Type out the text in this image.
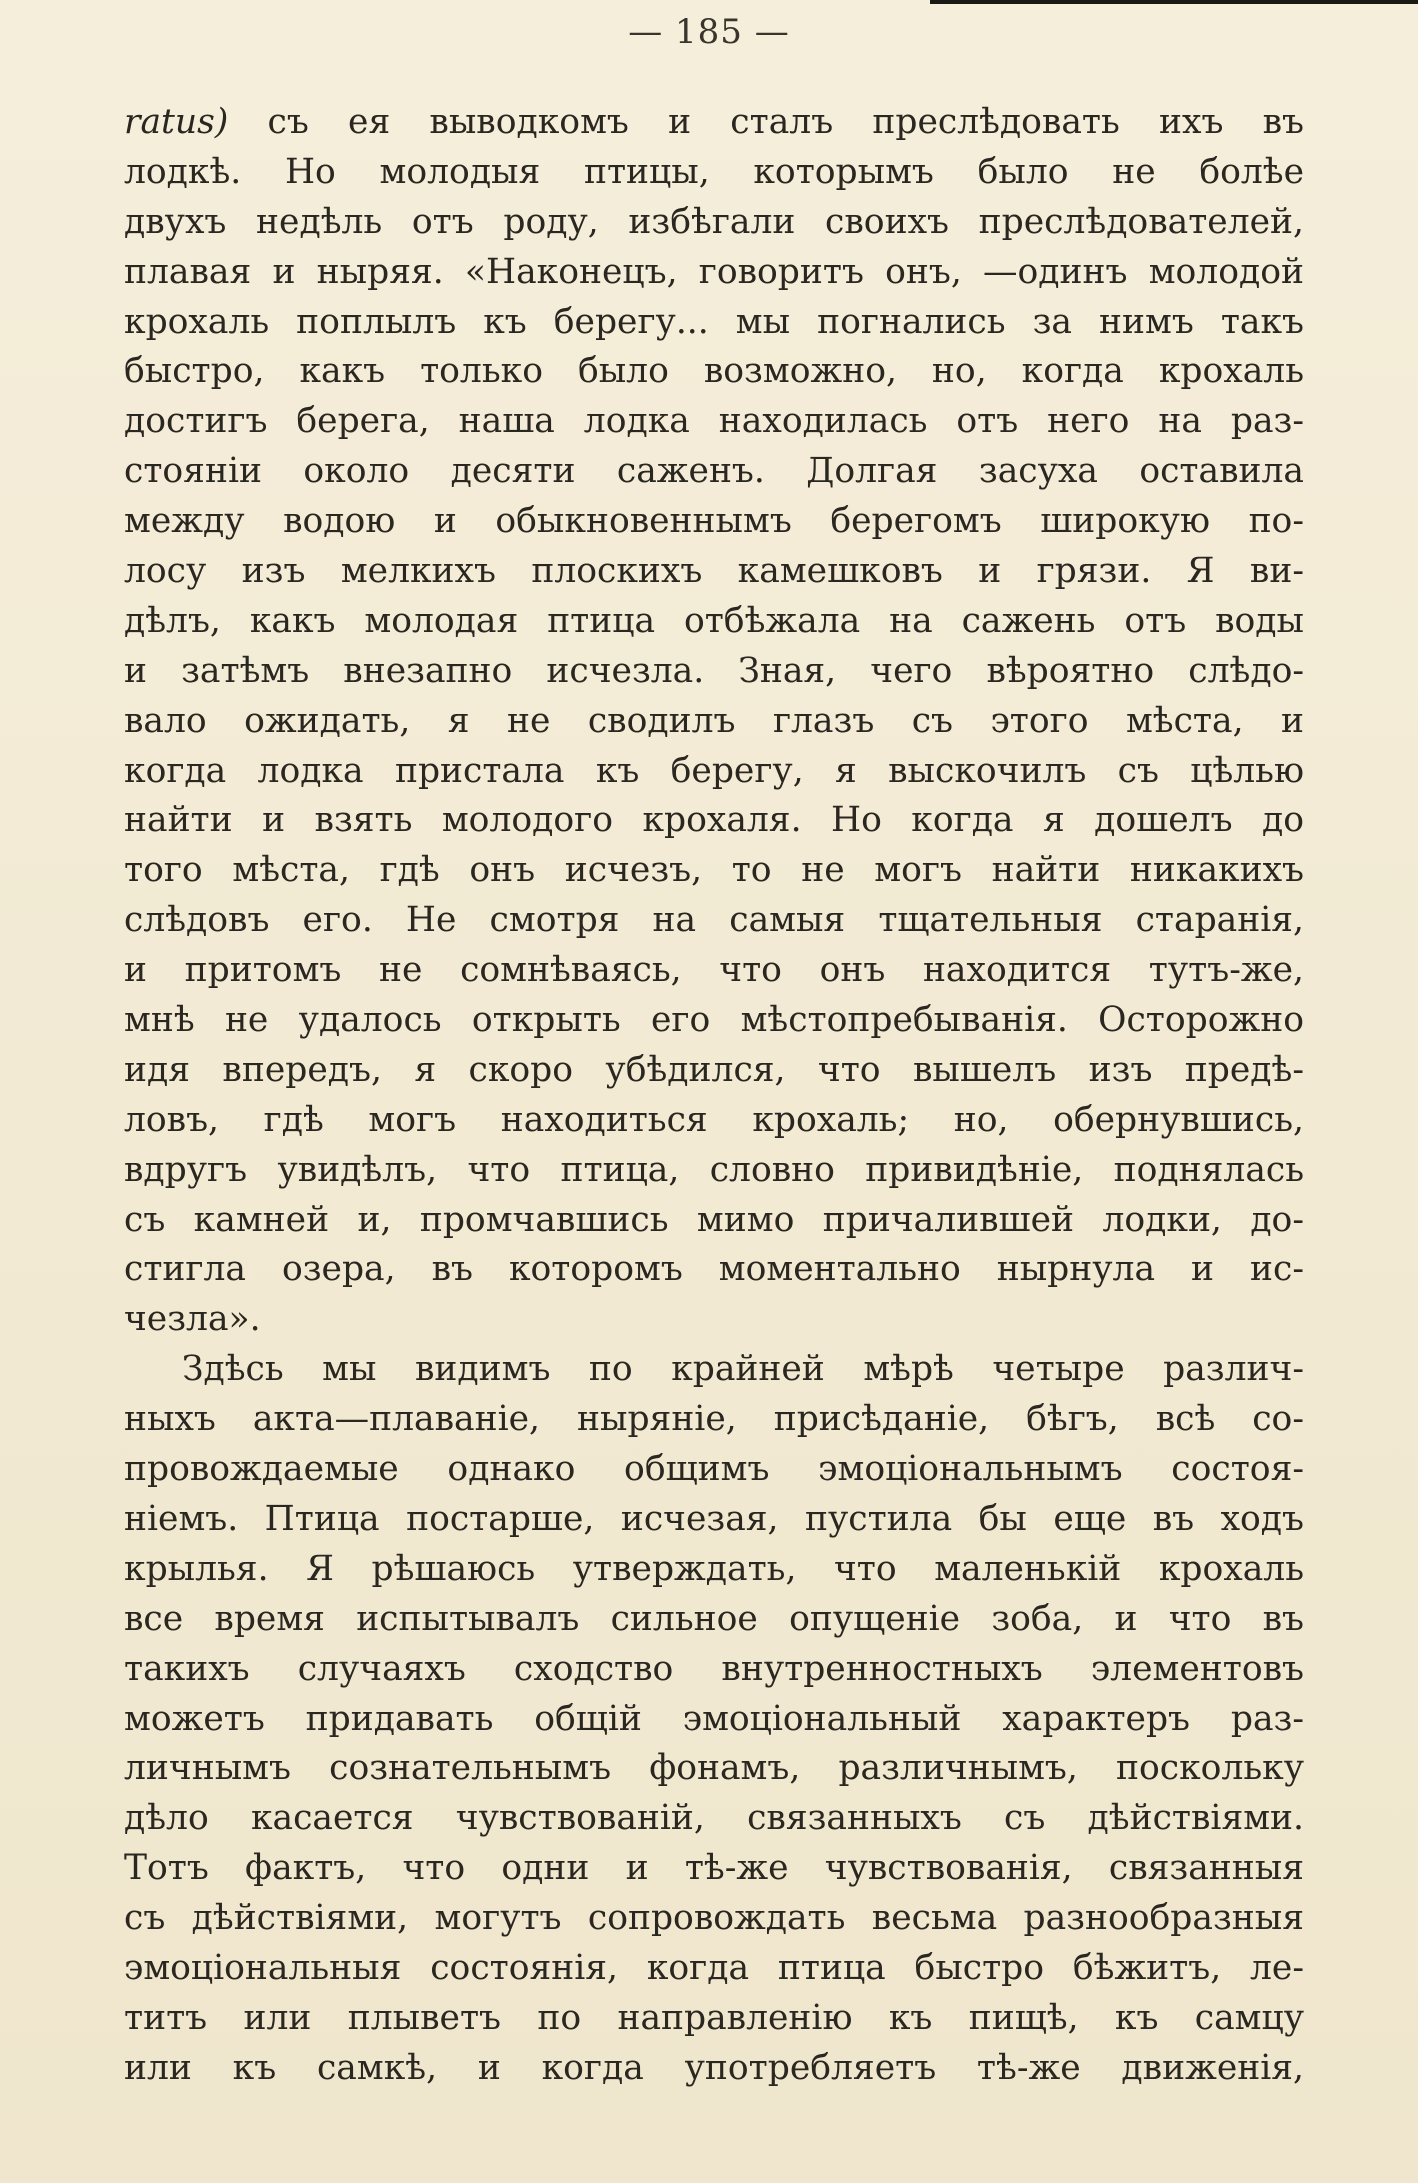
— 185 —
ratus) съ ея выводкомъ и сталъ преслѣдовать ихъ въ
лодкѣ. Но молодыя птицы, которымъ было не болѣе
двухъ недѣль отъ роду, избѣгали своихъ преслѣдователей,
плавая и ныряя. «Наконецъ, говоритъ онъ, —одинъ молодой
крохаль поплылъ къ берегу... мы погнались за нимъ такъ
быстро, какъ только было возможно, но, когда крохаль
достигъ берега, наша лодка находилась отъ него на раз-
стояніи около десяти саженъ. Долгая засуха оставила
между водою и обыкновеннымъ берегомъ широкую по-
лосу изъ мелкихъ плоскихъ камешковъ и грязи. Я ви-
дѣлъ, какъ молодая птица отбѣжала на сажень отъ воды
и затѣмъ внезапно исчезла. Зная, чего вѣроятно слѣдо-
вало ожидать, я не сводилъ глазъ съ этого мѣста, и
когда лодка пристала къ берегу, я выскочилъ съ цѣлью
найти и взять молодого крохаля. Но когда я дошелъ до
того мѣста, гдѣ онъ исчезъ, то не могъ найти никакихъ
слѣдовъ его. Не смотря на самыя тщательныя старанія,
и притомъ не сомнѣваясь, что онъ находится тутъ-же,
мнѣ не удалось открыть его мѣстопребыванія. Осторожно
идя впередъ, я скоро убѣдился, что вышелъ изъ предѣ-
ловъ, гдѣ могъ находиться крохаль; но, обернувшись,
вдругъ увидѣлъ, что птица, словно привидѣніе, поднялась
съ камней и, промчавшись мимо причалившей лодки, до-
стигла озера, въ которомъ моментально нырнула и ис-
чезла».
Здѣсь мы видимъ по крайней мѣрѣ четыре различ-
ныхъ акта—плаваніе, ныряніе, присѣданіе, бѣгъ, всѣ со-
провождаемые однако общимъ эмоціональнымъ состоя-
ніемъ. Птица постарше, исчезая, пустила бы еще въ ходъ
крылья. Я рѣшаюсь утверждать, что маленькій крохаль
все время испытывалъ сильное опущеніе зоба, и что въ
такихъ случаяхъ сходство внутренностныхъ элементовъ
можетъ придавать общій эмоціональный характеръ раз-
личнымъ сознательнымъ фонамъ, различнымъ, поскольку
дѣло касается чувствованій, связанныхъ съ дѣйствіями.
Тотъ фактъ, что одни и тѣ-же чувствованія, связанныя
съ дѣйствіями, могутъ сопровождать весьма разнообразныя
эмоціональныя состоянія, когда птица быстро бѣжитъ, ле-
титъ или плыветъ по направленію къ пищѣ, къ самцу
или къ самкѣ, и когда употребляетъ тѣ-же движенія,
